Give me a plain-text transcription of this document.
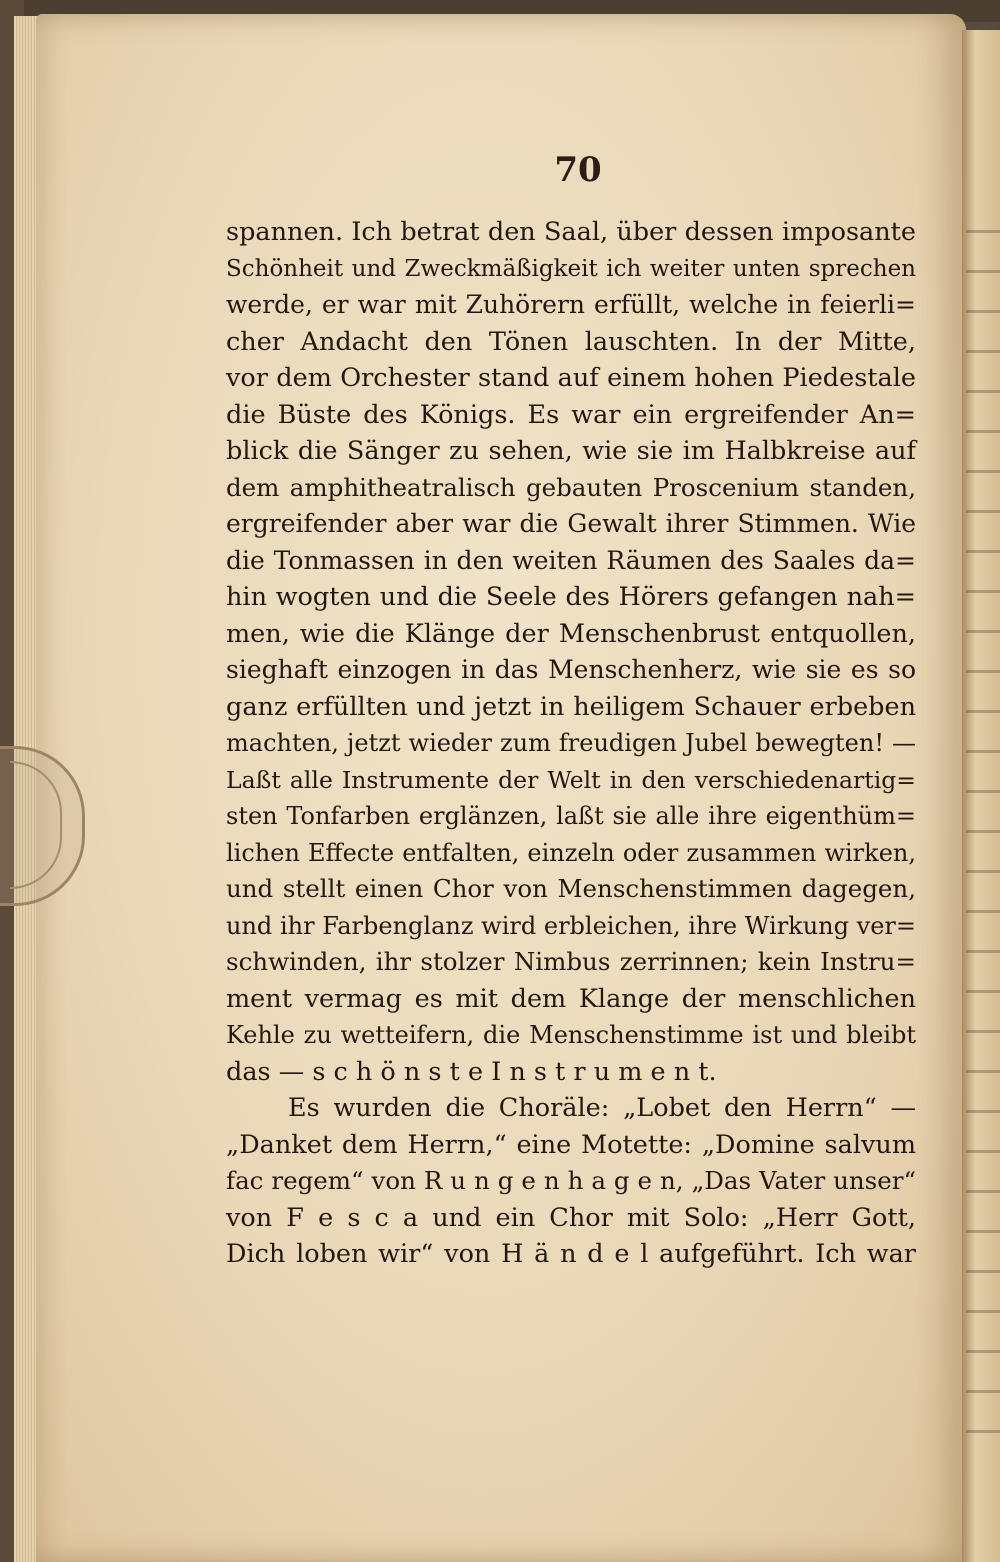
70
spannen. Ich betrat den Saal, über dessen imposante
Schönheit und Zweckmäßigkeit ich weiter unten sprechen
werde, er war mit Zuhörern erfüllt, welche in feierli=
cher Andacht den Tönen lauschten. In der Mitte,
vor dem Orchester stand auf einem hohen Piedestale
die Büste des Königs. Es war ein ergreifender An=
blick die Sänger zu sehen, wie sie im Halbkreise auf
dem amphitheatralisch gebauten Proscenium standen,
ergreifender aber war die Gewalt ihrer Stimmen. Wie
die Tonmassen in den weiten Räumen des Saales da=
hin wogten und die Seele des Hörers gefangen nah=
men, wie die Klänge der Menschenbrust entquollen,
sieghaft einzogen in das Menschenherz, wie sie es so
ganz erfüllten und jetzt in heiligem Schauer erbeben
machten, jetzt wieder zum freudigen Jubel bewegten! —
Laßt alle Instrumente der Welt in den verschiedenartig=
sten Tonfarben erglänzen, laßt sie alle ihre eigenthüm=
lichen Effecte entfalten, einzeln oder zusammen wirken,
und stellt einen Chor von Menschenstimmen dagegen,
und ihr Farbenglanz wird erbleichen, ihre Wirkung ver=
schwinden, ihr stolzer Nimbus zerrinnen; kein Instru=
ment vermag es mit dem Klange der menschlichen
Kehle zu wetteifern, die Menschenstimme ist und bleibt
das — s c h ö n s t e I n s t r u m e n t.
Es wurden die Choräle: „Lobet den Herrn“ —
„Danket dem Herrn,“ eine Motette: „Domine salvum
fac regem“ von R u n g e n h a g e n, „Das Vater unser“
von F e s c a und ein Chor mit Solo: „Herr Gott,
Dich loben wir“ von H ä n d e l aufgeführt. Ich war
